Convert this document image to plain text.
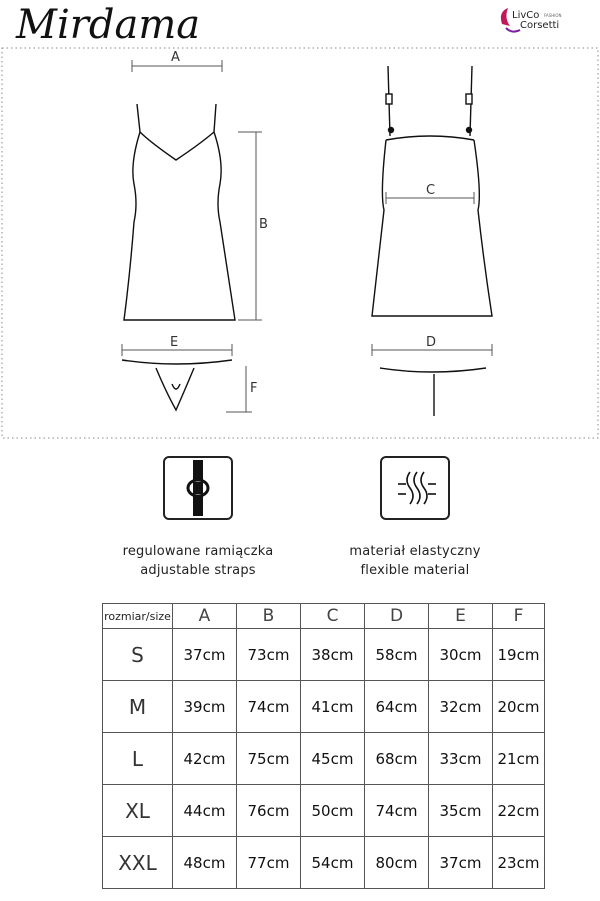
Mirdama	LivCo FASHION
Corsetti
A
B
E
F
C
D
regulowane ramiączka
adjustable straps
materiał elastyczny
flexible material
rozmiar/size	A	B	C	D	E	F
S	37cm	73cm	38cm	58cm	30cm	19cm
M	39cm	74cm	41cm	64cm	32cm	20cm
L	42cm	75cm	45cm	68cm	33cm	21cm
XL	44cm	76cm	50cm	74cm	35cm	22cm
XXL	48cm	77cm	54cm	80cm	37cm	23cm
